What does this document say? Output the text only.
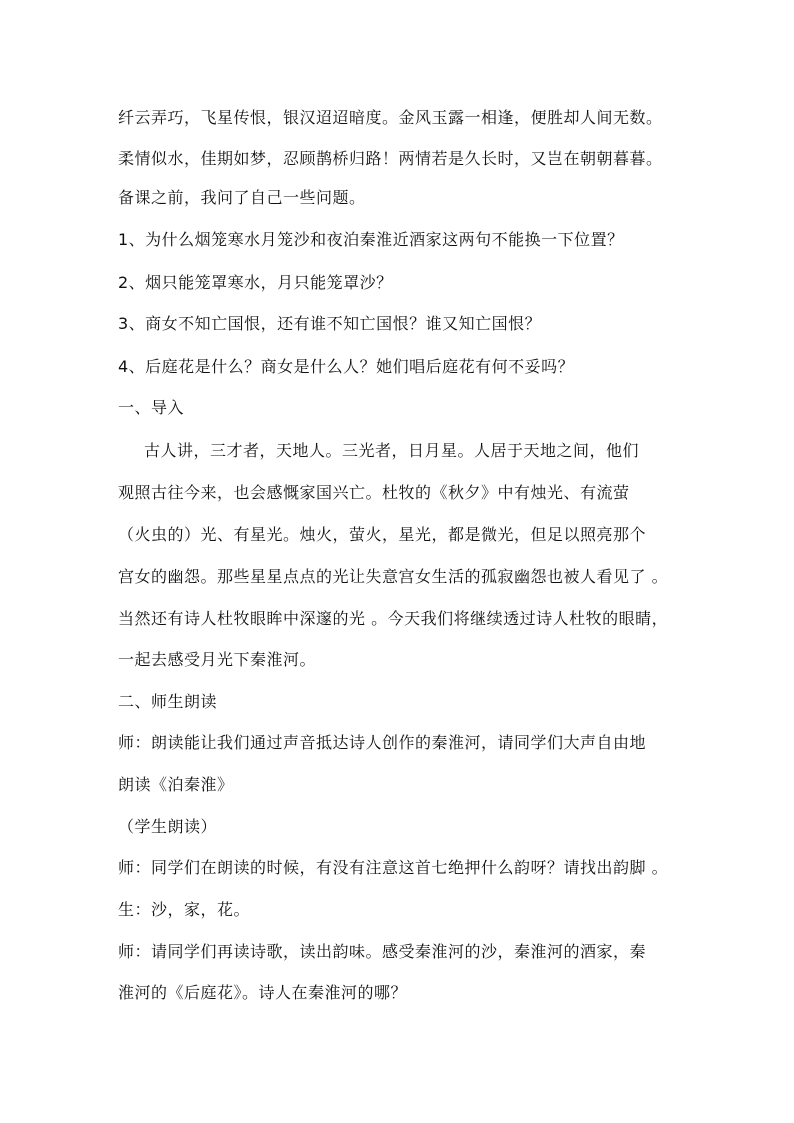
纤云弄巧，飞星传恨，银汉迢迢暗度。金风玉露一相逢，便胜却人间无数。
柔情似水，佳期如梦，忍顾鹊桥归路！两情若是久长时，又岂在朝朝暮暮。
备课之前，我问了自己一些问题。
1、为什么烟笼寒水月笼沙和夜泊秦淮近酒家这两句不能换一下位置？
2、烟只能笼罩寒水，月只能笼罩沙？
3、商女不知亡国恨，还有谁不知亡国恨？谁又知亡国恨？
4、后庭花是什么？商女是什么人？她们唱后庭花有何不妥吗？
一、导入
古人讲，三才者，天地人。三光者，日月星。人居于天地之间，他们
观照古往今来，也会感慨家国兴亡。杜牧的《秋夕》中有烛光、有流萤
（火虫的）光、有星光。烛火，萤火，星光，都是微光，但足以照亮那个
宫女的幽怨。那些星星点点的光让失意宫女生活的孤寂幽怨也被人看见了 。
当然还有诗人杜牧眼眸中深邃的光 。今天我们将继续透过诗人杜牧的眼睛，
一起去感受月光下秦淮河。
二、师生朗读
师：朗读能让我们通过声音抵达诗人创作的秦淮河，请同学们大声自由地
朗读《泊秦淮》
（学生朗读）
师：同学们在朗读的时候，有没有注意这首七绝押什么韵呀？请找出韵脚 。
生：沙，家，花。
师：请同学们再读诗歌，读出韵味。感受秦淮河的沙，秦淮河的酒家，秦
淮河的《后庭花》。诗人在秦淮河的哪？
